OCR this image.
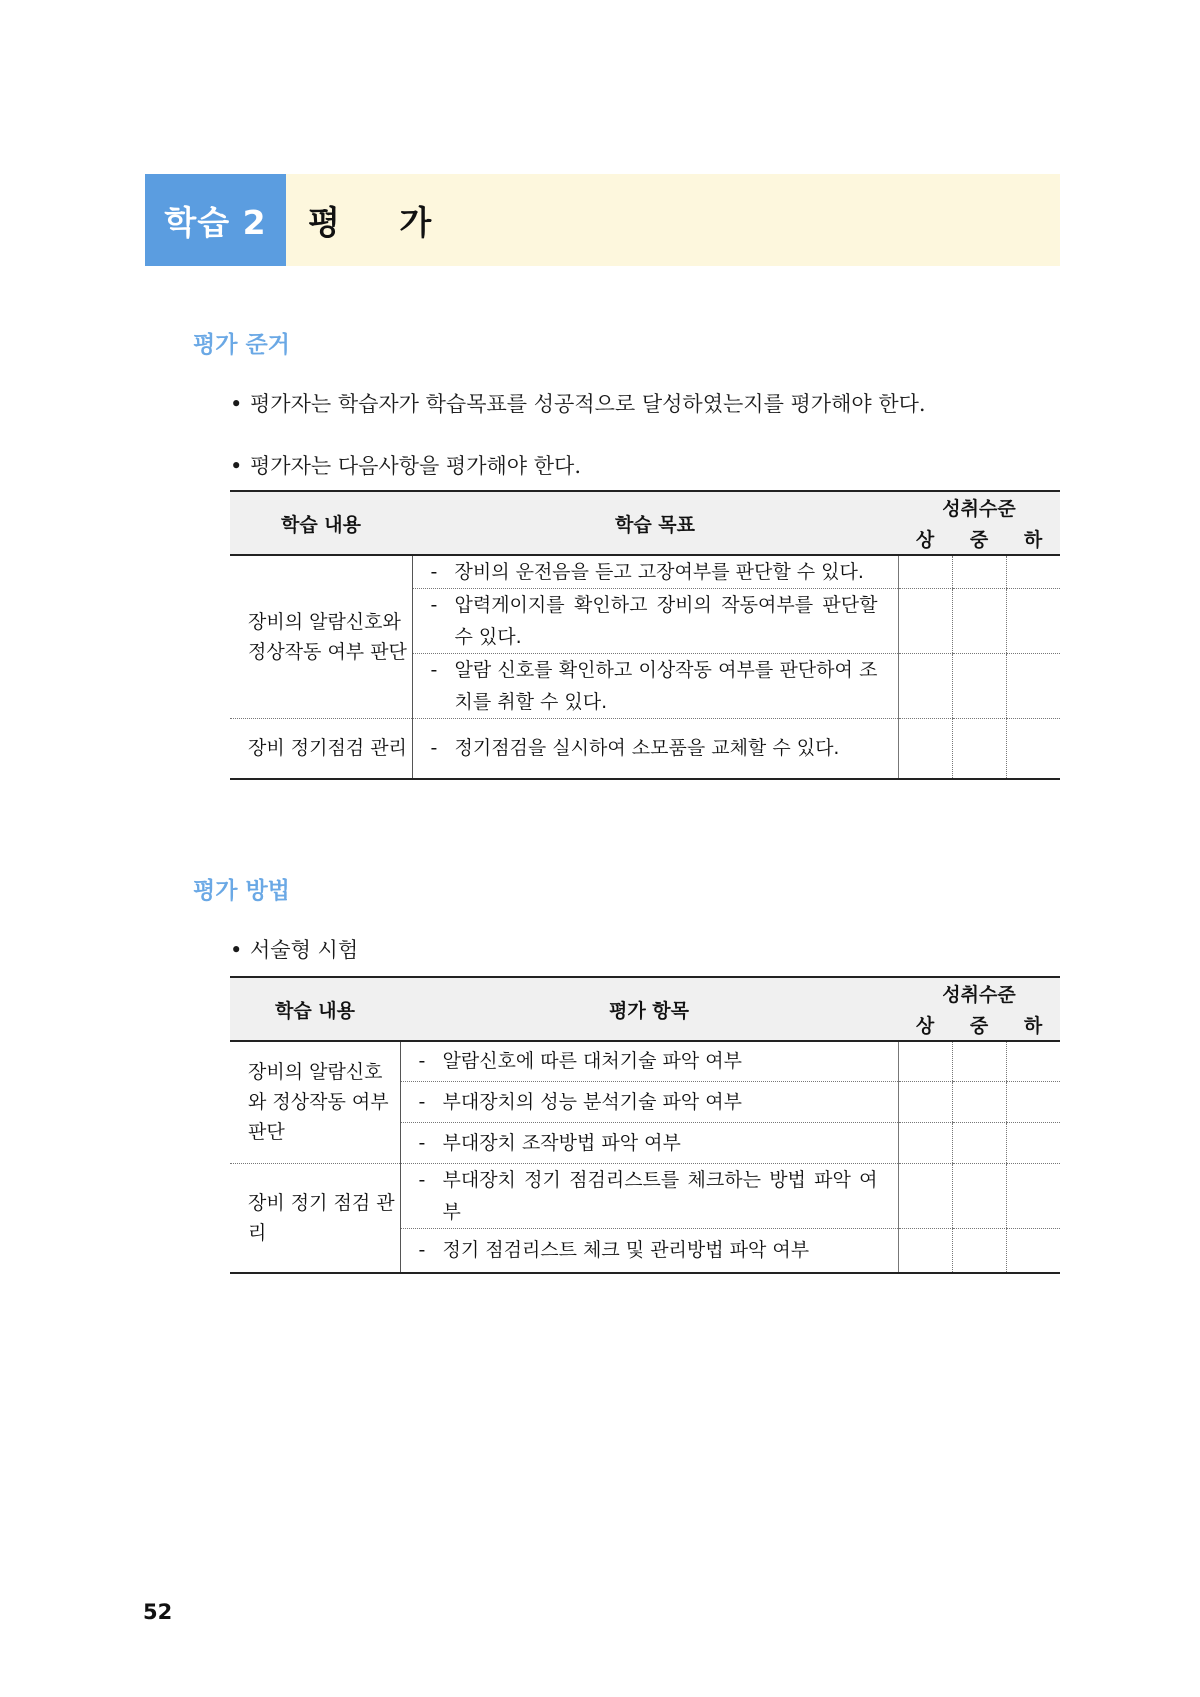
학습 2	평 가
평가 준거
• 평가자는 학습자가 학습목표를 성공적으로 달성하였는지를 평가해야 한다.
• 평가자는 다음사항을 평가해야 한다.
학습 내용	학습 목표	성취수준		
		상	중	하
장비의 알람신호와 정상작동 여부 판단	- 장비의 운전음을 듣고 고장여부를 판단할 수 있다.			

	- 압력게이지를 확인하고 장비의 작동여부를 판단할 수 있다.			

	- 알람 신호를 확인하고 이상작동 여부를 판단하여 조치를 취할 수 있다.			

장비 정기점검 관리	- 정기점검을 실시하여 소모품을 교체할 수 있다.			

평가 방법
• 서술형 시험
학습 내용	평가 항목	성취수준		
		상	중	하
장비의 알람신호와 정상작동 여부 판단	- 알람신호에 따른 대처기술 파악 여부			

	- 부대장치의 성능 분석기술 파악 여부			

	- 부대장치 조작방법 파악 여부			

장비 정기 점검 관리	- 부대장치 정기 점검리스트를 체크하는 방법 파악 여부			

	- 정기 점검리스트 체크 및 관리방법 파악 여부			

52
